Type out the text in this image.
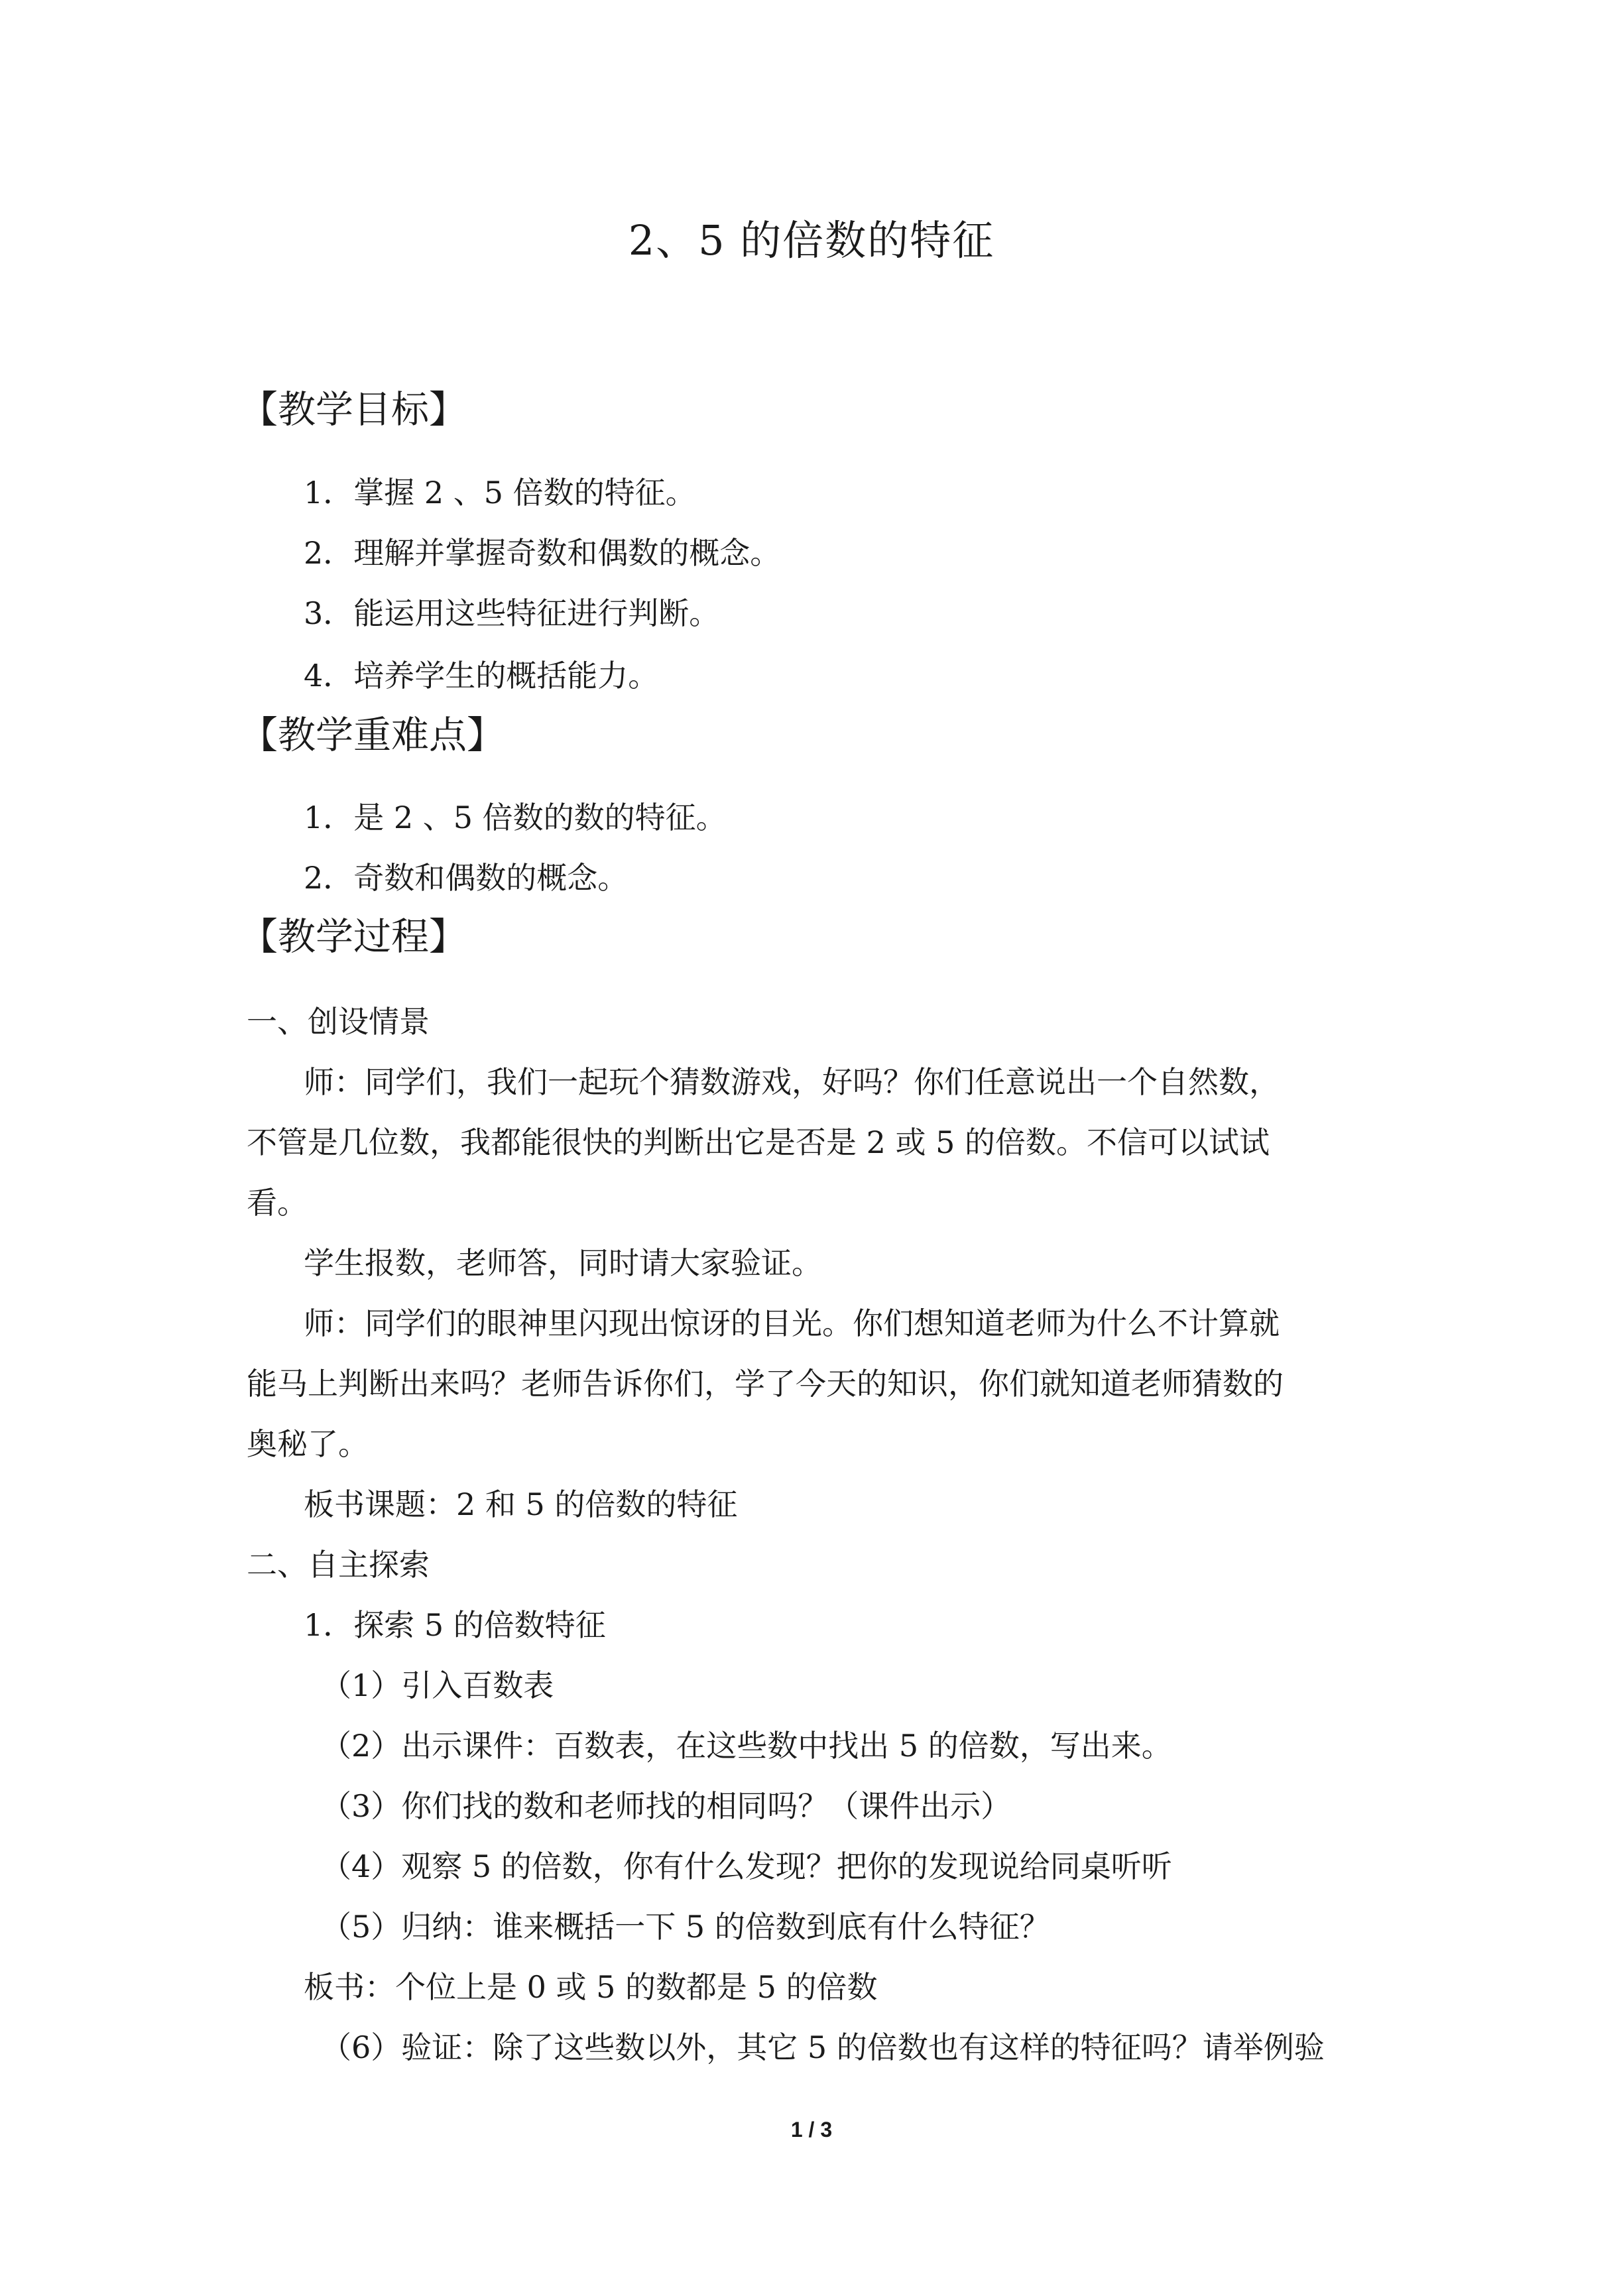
2、5 的倍数的特征
【教学目标】
1．掌握 2 、5 倍数的特征。
2．理解并掌握奇数和偶数的概念。
3．能运用这些特征进行判断。
4．培养学生的概括能力。
【教学重难点】
1．是 2 、5 倍数的数的特征。
2．奇数和偶数的概念。
【教学过程】
一、创设情景
师：同学们，我们一起玩个猜数游戏，好吗？你们任意说出一个自然数，
不管是几位数，我都能很快的判断出它是否是 2 或 5 的倍数。不信可以试试
看。
学生报数，老师答，同时请大家验证。
师：同学们的眼神里闪现出惊讶的目光。你们想知道老师为什么不计算就
能马上判断出来吗？老师告诉你们，学了今天的知识，你们就知道老师猜数的
奥秘了。
板书课题：2 和 5 的倍数的特征
二、自主探索
1．探索 5 的倍数特征
（1）引入百数表
（2）出示课件：百数表，在这些数中找出 5 的倍数，写出来。
（3）你们找的数和老师找的相同吗？（课件出示）
（4）观察 5 的倍数，你有什么发现？把你的发现说给同桌听听
（5）归纳：谁来概括一下 5 的倍数到底有什么特征？
板书：个位上是 0 或 5 的数都是 5 的倍数
（6）验证：除了这些数以外，其它 5 的倍数也有这样的特征吗？请举例验
1 / 3
